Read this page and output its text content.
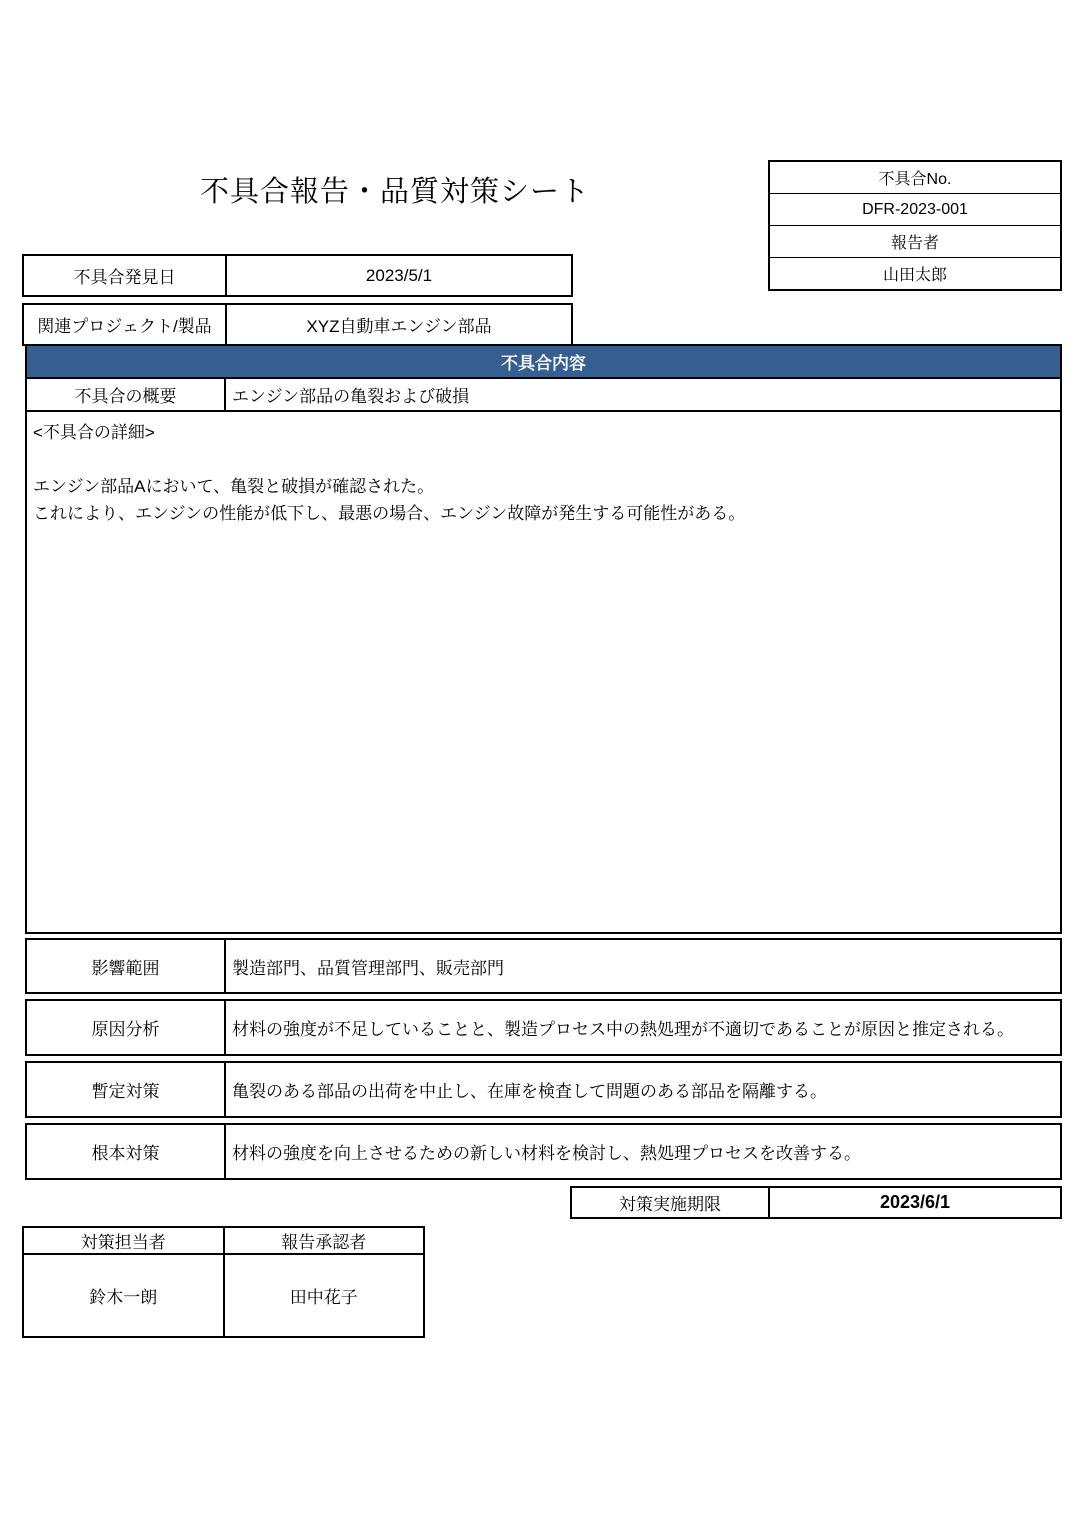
不具合報告・品質対策シート	不具合No.
DFR-2023-001
報告者
山田太郎
不具合発見日	2023/5/1
関連プロジェクト/製品	XYZ自動車エンジン部品
不具合内容
不具合の概要	エンジン部品の亀裂および破損
<不具合の詳細>
エンジン部品Aにおいて、亀裂と破損が確認された。
これにより、エンジンの性能が低下し、最悪の場合、エンジン故障が発生する可能性がある。
影響範囲	製造部門、品質管理部門、販売部門
原因分析	材料の強度が不足していることと、製造プロセス中の熱処理が不適切であることが原因と推定される。
暫定対策	亀裂のある部品の出荷を中止し、在庫を検査して問題のある部品を隔離する。
根本対策	材料の強度を向上させるための新しい材料を検討し、熱処理プロセスを改善する。
対策実施期限	2023/6/1
対策担当者
鈴木一朗
報告承認者
田中花子
